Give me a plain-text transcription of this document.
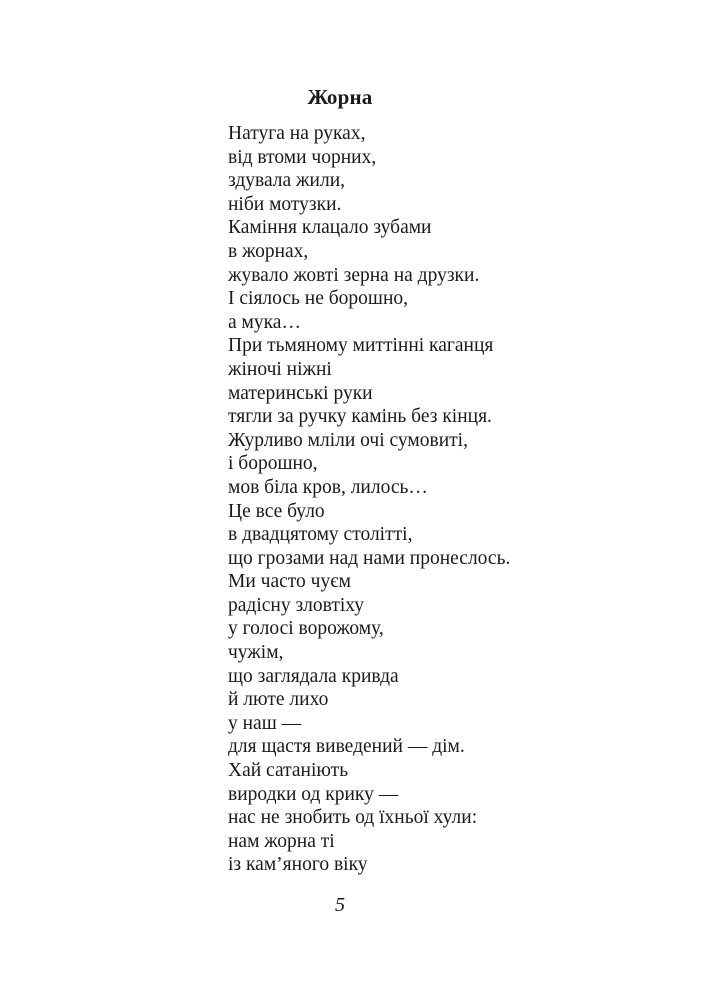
Жорна
Натуга на руках,
від втоми чорних,
здувала жили,
ніби мотузки.
Каміння клацало зубами
в жорнах,
жувало жовті зерна на друзки.
І сіялось не борошно,
а мука…
При тьмяному миттінні каганця
жіночі ніжні
материнські руки
тягли за ручку камінь без кінця.
Журливо мліли очі сумовиті,
і борошно,
мов біла кров, лилось…
Це все було
в двадцятому столітті,
що грозами над нами пронеслось.
Ми часто чуєм
радісну зловтіху
у голосі ворожому,
чужім,
що заглядала кривда
й люте лихо
у наш —
для щастя виведений — дім.
Хай сатаніють
виродки од крику —
нас не знобить од їхньої хули:
нам жорна ті
із кам’яного віку
5
